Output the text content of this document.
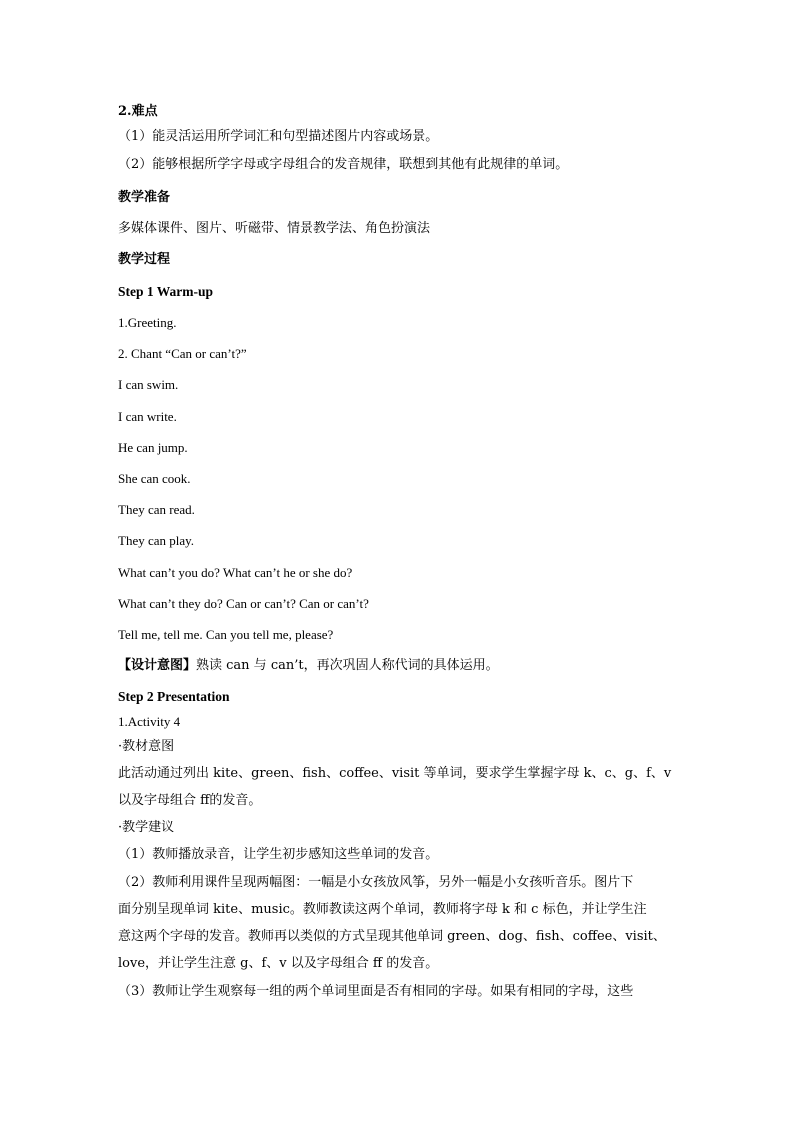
2.难点
（1）能灵活运用所学词汇和句型描述图片内容或场景。
（2）能够根据所学字母或字母组合的发音规律，联想到其他有此规律的单词。
教学准备
多媒体课件、图片、听磁带、情景教学法、角色扮演法
教学过程
Step 1 Warm-up
1.Greeting.
2. Chant “Can or can’t?”
I can swim.
I can write.
He can jump.
She can cook.
They can read.
They can play.
What can’t you do? What can’t he or she do?
What can’t they do? Can or can’t? Can or can’t?
Tell me, tell me. Can you tell me, please?
【设计意图】熟读 can 与 can’t，再次巩固人称代词的具体运用。
Step 2 Presentation
1.Activity 4
·教材意图
此活动通过列出 kite、green、fish、coffee、visit 等单词，要求学生掌握字母 k、c、g、f、v
以及字母组合 ff的发音。
·教学建议
（1）教师播放录音，让学生初步感知这些单词的发音。
（2）教师利用课件呈现两幅图：一幅是小女孩放风筝，另外一幅是小女孩听音乐。图片下
面分别呈现单词 kite、music。教师教读这两个单词，教师将字母 k 和 c 标色，并让学生注
意这两个字母的发音。教师再以类似的方式呈现其他单词 green、dog、fish、coffee、visit、
love，并让学生注意 g、f、v 以及字母组合 ff 的发音。
（3）教师让学生观察每一组的两个单词里面是否有相同的字母。如果有相同的字母，这些
